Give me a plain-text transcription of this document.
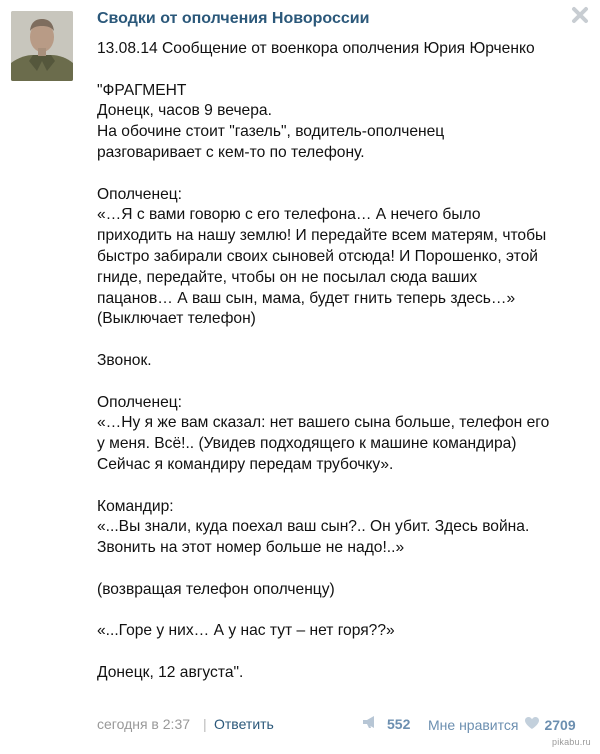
Сводки от ополчения Новороссии
13.08.14 Сообщение от военкора ополчения Юрия Юрченко
"ФРАГМЕНТ
Донецк, часов 9 вечера.
На обочине стоит "газель", водитель-ополченец
разговаривает с кем-то по телефону.
Ополченец:
«…Я с вами говорю с его телефона… А нечего было
приходить на нашу землю! И передайте всем матерям, чтобы
быстро забирали своих сыновей отсюда! И Порошенко, этой
гниде, передайте, чтобы он не посылал сюда ваших
пацанов… А ваш сын, мама, будет гнить теперь здесь…»
(Выключает телефон)
Звонок.
Ополченец:
«…Ну я же вам сказал: нет вашего сына больше, телефон его
у меня. Всё!.. (Увидев подходящего к машине командира)
Сейчас я командиру передам трубочку».
Командир:
«...Вы знали, куда поехал ваш сын?.. Он убит. Здесь война.
Звонить на этот номер больше не надо!..»
(возвращая телефон ополченцу)
«...Горе у них… А у нас тут – нет горя??»
Донецк, 12 августа".
сегодня в 2:37 | Ответить	552 Мне нравится 2709
pikabu.ru
